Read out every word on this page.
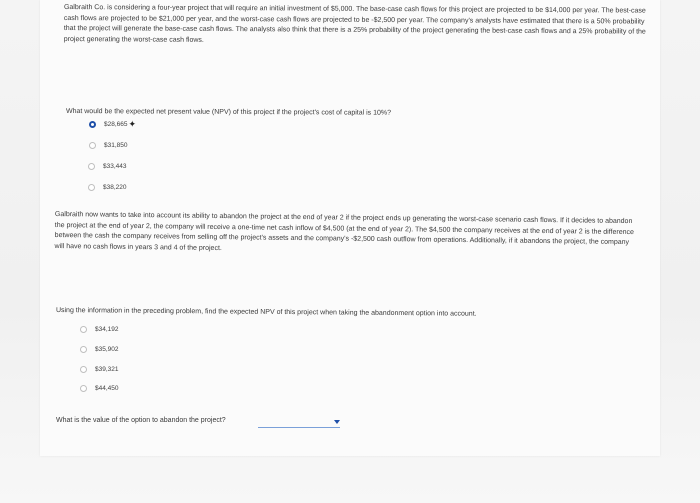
Galbraith Co. is considering a four-year project that will require an initial investment of $5,000. The base-case cash flows for this project are projected to be $14,000 per year. The best-case cash flows are projected to be $21,000 per year, and the worst-case cash flows are projected to be -$2,500 per year. The company's analysts have estimated that there is a 50% probability that the project will generate the base-case cash flows. The analysts also think that there is a 25% probability of the project generating the best-case cash flows and a 25% probability of the project generating the worst-case cash flows.
What would be the expected net present value (NPV) of this project if the project's cost of capital is 10%?
$28,665 ✦
$31,850
$33,443
$38,220
Galbraith now wants to take into account its ability to abandon the project at the end of year 2 if the project ends up generating the worst-case scenario cash flows. If it decides to abandon the project at the end of year 2, the company will receive a one-time net cash inflow of $4,500 (at the end of year 2). The $4,500 the company receives at the end of year 2 is the difference between the cash the company receives from selling off the project's assets and the company's -$2,500 cash outflow from operations. Additionally, if it abandons the project, the company will have no cash flows in years 3 and 4 of the project.
Using the information in the preceding problem, find the expected NPV of this project when taking the abandonment option into account.
$34,192
$35,902
$39,321
$44,450
What is the value of the option to abandon the project?
